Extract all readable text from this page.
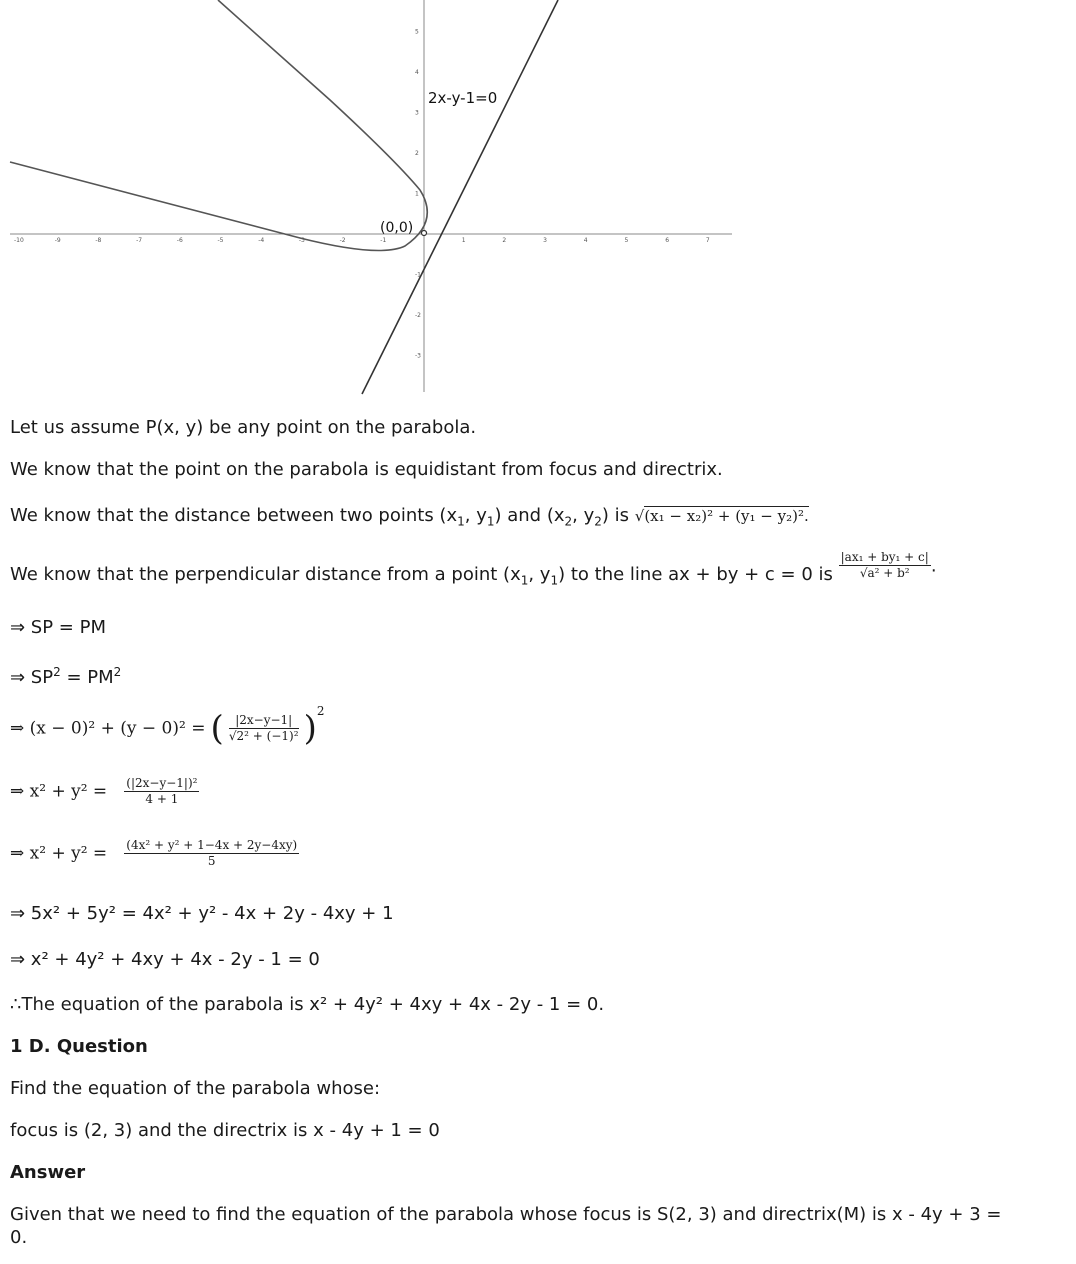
-10	-9	-8	-7	-6	-5	-4	-3	-2	-1	1	2	3	4	5	6	7
5
4
3
2
1
-1
-2
-3
2x-y-1=0
(0,0)
Let us assume P(x, y) be any point on the parabola.
We know that the point on the parabola is equidistant from focus and directrix.
We know that the distance between two points ($x_1$, $y_1$) and ($x_2$, $y_2$) is √(x₁ − x₂)² + (y₁ − y₂)².
We know that the perpendicular distance from a point ($x_1$, $y_1$) to the line ax + by + c = 0 is $\frac{\text{|ax₁ + by₁ + c|}}{\text{√a² + b²}}$ .
⇒ SP = PM
⇒ $SP^2 = PM^2$
⇒ (x − 0)² + (y − 0)² = ( $\frac{|2x-y-1|}{\text{√2² + (−1)²}} )^2$
⇒ $x^2 + y^2 = \frac{\text{(|2x−y−1|)²}}{4 + 1}$
⇒ $x^2 + y^2 = \frac{\text{(4x² + y² + 1−4x + 2y−4xy)}}{5}$
⇒ 5x² + 5y² = 4x² + y² - 4x + 2y - 4xy + 1
⇒ x² + 4y² + 4xy + 4x - 2y - 1 = 0
∴The equation of the parabola is x² + 4y² + 4xy + 4x - 2y - 1 = 0.
1 D. Question
Find the equation of the parabola whose:
focus is (2, 3) and the directrix is x - 4y + 1 = 0
Answer
Given that we need to find the equation of the parabola whose focus is S(2, 3) and directrix(M) is x - 4y + 3 =
0.
